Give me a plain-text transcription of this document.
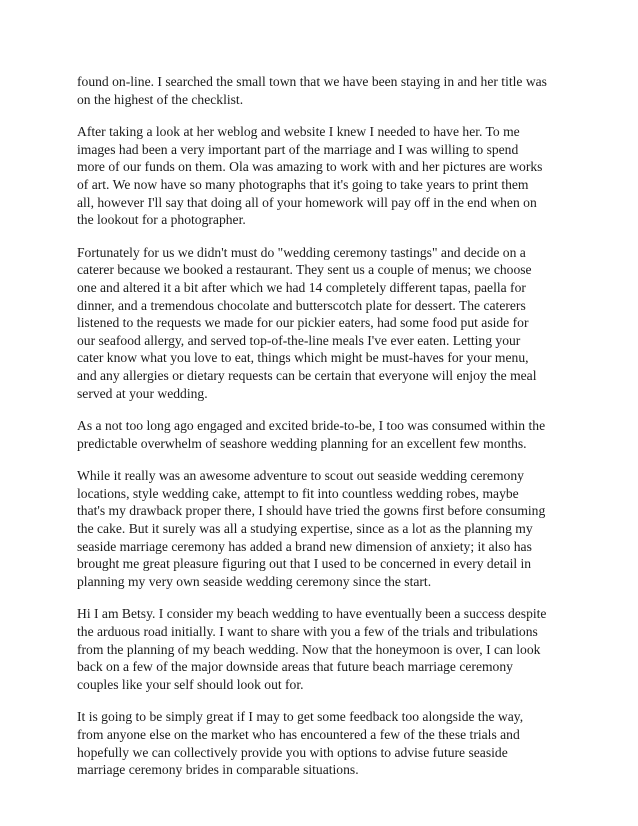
found on-line. I searched the small town that we have been staying in and her title was
on the highest of the checklist.

After taking a look at her weblog and website I knew I needed to have her. To me
images had been a very important part of the marriage and I was willing to spend
more of our funds on them. Ola was amazing to work with and her pictures are works
of art. We now have so many photographs that it's going to take years to print them
all, however I'll say that doing all of your homework will pay off in the end when on
the lookout for a photographer.

Fortunately for us we didn't must do "wedding ceremony tastings" and decide on a
caterer because we booked a restaurant. They sent us a couple of menus; we choose
one and altered it a bit after which we had 14 completely different tapas, paella for
dinner, and a tremendous chocolate and butterscotch plate for dessert. The caterers
listened to the requests we made for our pickier eaters, had some food put aside for
our seafood allergy, and served top-of-the-line meals I've ever eaten. Letting your
cater know what you love to eat, things which might be must-haves for your menu,
and any allergies or dietary requests can be certain that everyone will enjoy the meal
served at your wedding.

As a not too long ago engaged and excited bride-to-be, I too was consumed within the
predictable overwhelm of seashore wedding planning for an excellent few months.

While it really was an awesome adventure to scout out seaside wedding ceremony
locations, style wedding cake, attempt to fit into countless wedding robes, maybe
that's my drawback proper there, I should have tried the gowns first before consuming
the cake. But it surely was all a studying expertise, since as a lot as the planning my
seaside marriage ceremony has added a brand new dimension of anxiety; it also has
brought me great pleasure figuring out that I used to be concerned in every detail in
planning my very own seaside wedding ceremony since the start.

Hi I am Betsy. I consider my beach wedding to have eventually been a success despite
the arduous road initially. I want to share with you a few of the trials and tribulations
from the planning of my beach wedding. Now that the honeymoon is over, I can look
back on a few of the major downside areas that future beach marriage ceremony
couples like your self should look out for.

It is going to be simply great if I may to get some feedback too alongside the way,
from anyone else on the market who has encountered a few of the these trials and
hopefully we can collectively provide you with options to advise future seaside
marriage ceremony brides in comparable situations.
